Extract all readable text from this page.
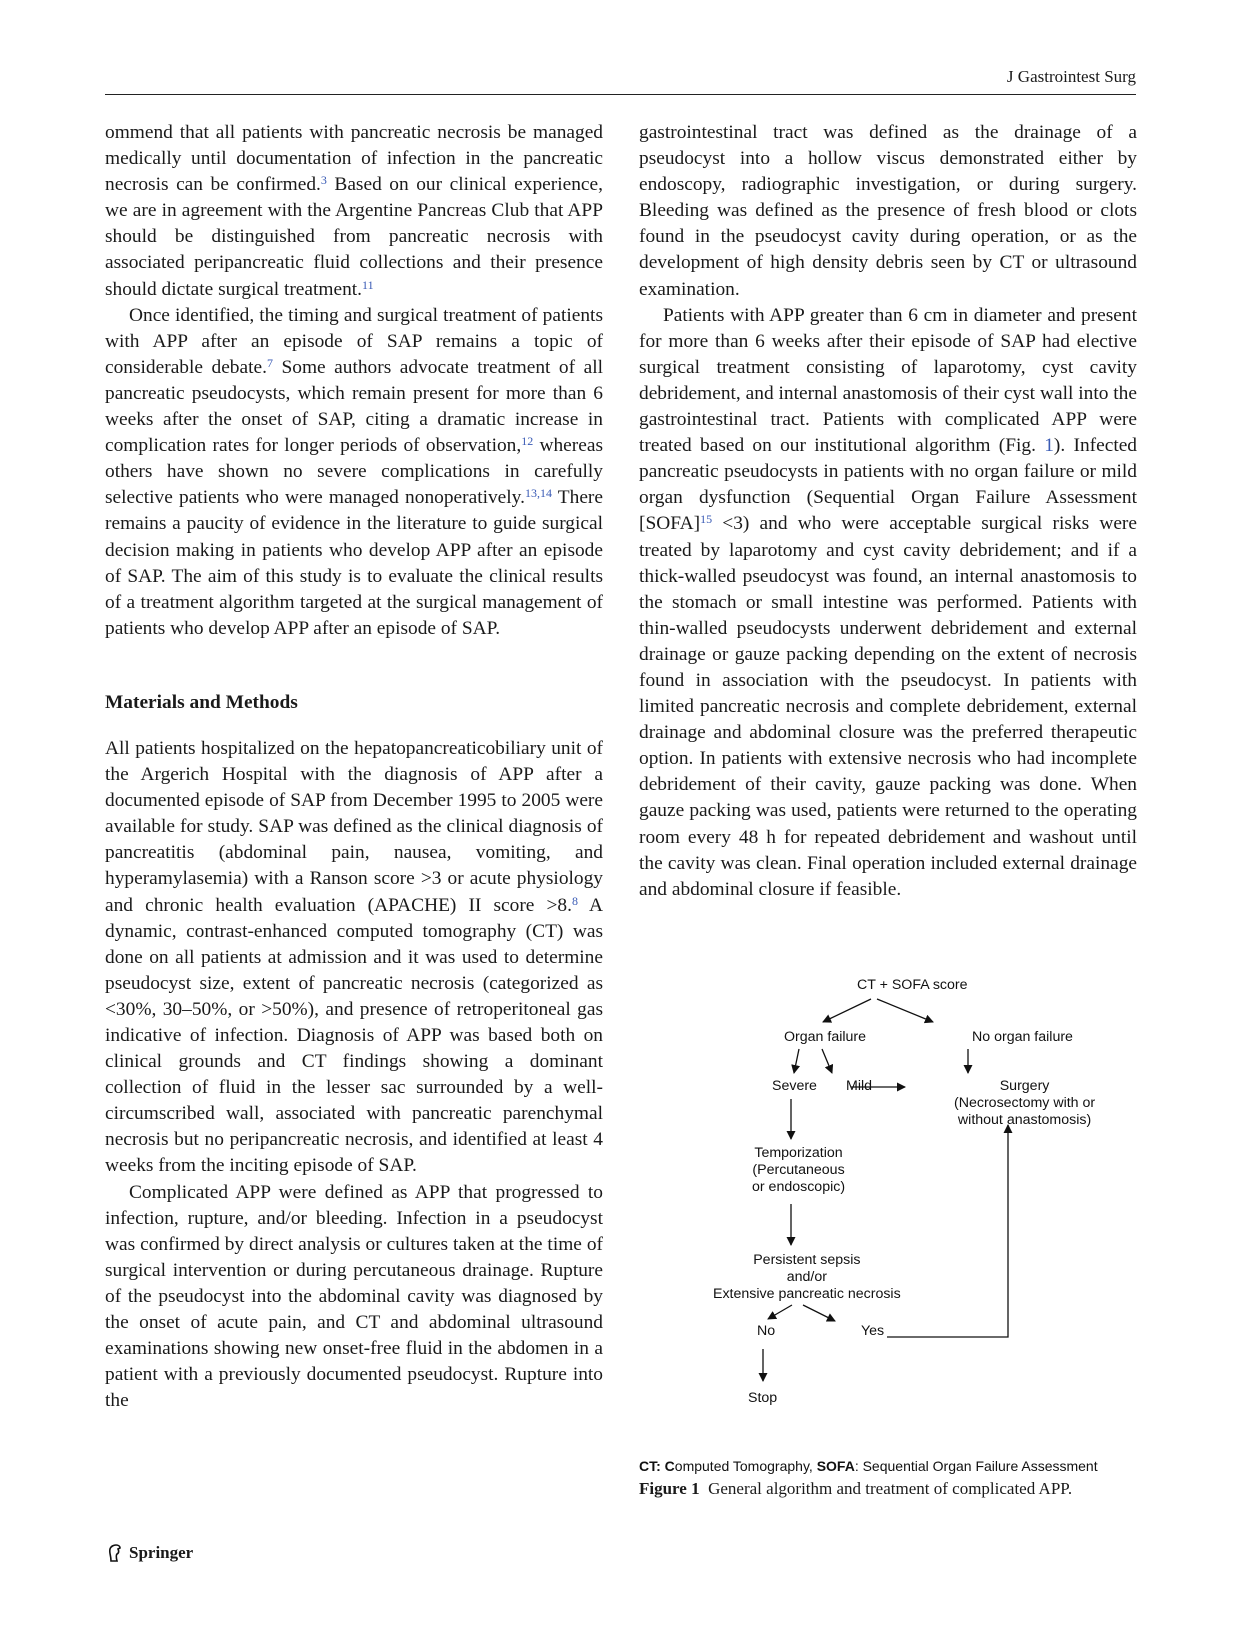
J Gastrointest Surg

ommend that all patients with pancreatic necrosis be managed medically until documentation of infection in the pancreatic necrosis can be confirmed.$^3$ Based on our clinical experience, we are in agreement with the Argentine Pancreas Club that APP should be distinguished from pancreatic necrosis with associated peripancreatic fluid collections and their presence should dictate surgical treatment.$^{11}$

Once identified, the timing and surgical treatment of patients with APP after an episode of SAP remains a topic of considerable debate.$^7$ Some authors advocate treatment of all pancreatic pseudocysts, which remain present for more than 6 weeks after the onset of SAP, citing a dramatic increase in complication rates for longer periods of observation,$^{12}$ whereas others have shown no severe complications in carefully selective patients who were managed nonoperatively.$^{13,14}$ There remains a paucity of evidence in the literature to guide surgical decision making in patients who develop APP after an episode of SAP. The aim of this study is to evaluate the clinical results of a treatment algorithm targeted at the surgical management of patients who develop APP after an episode of SAP.

Materials and Methods

All patients hospitalized on the hepatopancreaticobiliary unit of the Argerich Hospital with the diagnosis of APP after a documented episode of SAP from December 1995 to 2005 were available for study. SAP was defined as the clinical diagnosis of pancreatitis (abdominal pain, nausea, vomiting, and hyperamylasemia) with a Ranson score >3 or acute physiology and chronic health evaluation (APACHE) II score >8.$^8$ A dynamic, contrast-enhanced computed tomography (CT) was done on all patients at admission and it was used to determine pseudocyst size, extent of pancreatic necrosis (categorized as <30%, 30–50%, or >50%), and presence of retroperitoneal gas indicative of infection. Diagnosis of APP was based both on clinical grounds and CT findings showing a dominant collection of fluid in the lesser sac surrounded by a well-circumscribed wall, associated with pancreatic parenchymal necrosis but no peripancreatic necrosis, and identified at least 4 weeks from the inciting episode of SAP.

Complicated APP were defined as APP that progressed to infection, rupture, and/or bleeding. Infection in a pseudocyst was confirmed by direct analysis or cultures taken at the time of surgical intervention or during percutaneous drainage. Rupture of the pseudocyst into the abdominal cavity was diagnosed by the onset of acute pain, and CT and abdominal ultrasound examinations showing new onset-free fluid in the abdomen in a patient with a previously documented pseudocyst. Rupture into the

gastrointestinal tract was defined as the drainage of a pseudocyst into a hollow viscus demonstrated either by endoscopy, radiographic investigation, or during surgery. Bleeding was defined as the presence of fresh blood or clots found in the pseudocyst cavity during operation, or as the development of high density debris seen by CT or ultrasound examination.

Patients with APP greater than 6 cm in diameter and present for more than 6 weeks after their episode of SAP had elective surgical treatment consisting of laparotomy, cyst cavity debridement, and internal anastomosis of their cyst wall into the gastrointestinal tract. Patients with complicated APP were treated based on our institutional algorithm (Fig. 1). Infected pancreatic pseudocysts in patients with no organ failure or mild organ dysfunction (Sequential Organ Failure Assessment [SOFA]$^{15}$ <3) and who were acceptable surgical risks were treated by laparotomy and cyst cavity debridement; and if a thick-walled pseudocyst was found, an internal anastomosis to the stomach or small intestine was performed. Patients with thin-walled pseudocysts underwent debridement and external drainage or gauze packing depending on the extent of necrosis found in association with the pseudocyst. In patients with limited pancreatic necrosis and complete debridement, external drainage and abdominal closure was the preferred therapeutic option. In patients with extensive necrosis who had incomplete debridement of their cavity, gauze packing was done. When gauze packing was used, patients were returned to the operating room every 48 h for repeated debridement and washout until the cavity was clean. Final operation included external drainage and abdominal closure if feasible.

CT + SOFA score
Organ failure	No organ failure
Severe Mild	Surgery
(Necrosectomy with or
without anastomosis)
Temporization
(Percutaneous
or endoscopic)
Persistent sepsis
and/or
Extensive pancreatic necrosis
No	Yes
Stop
CT: Computed Tomography, SOFA: Sequential Organ Failure Assessment
Figure 1 General algorithm and treatment of complicated APP.
Springer
